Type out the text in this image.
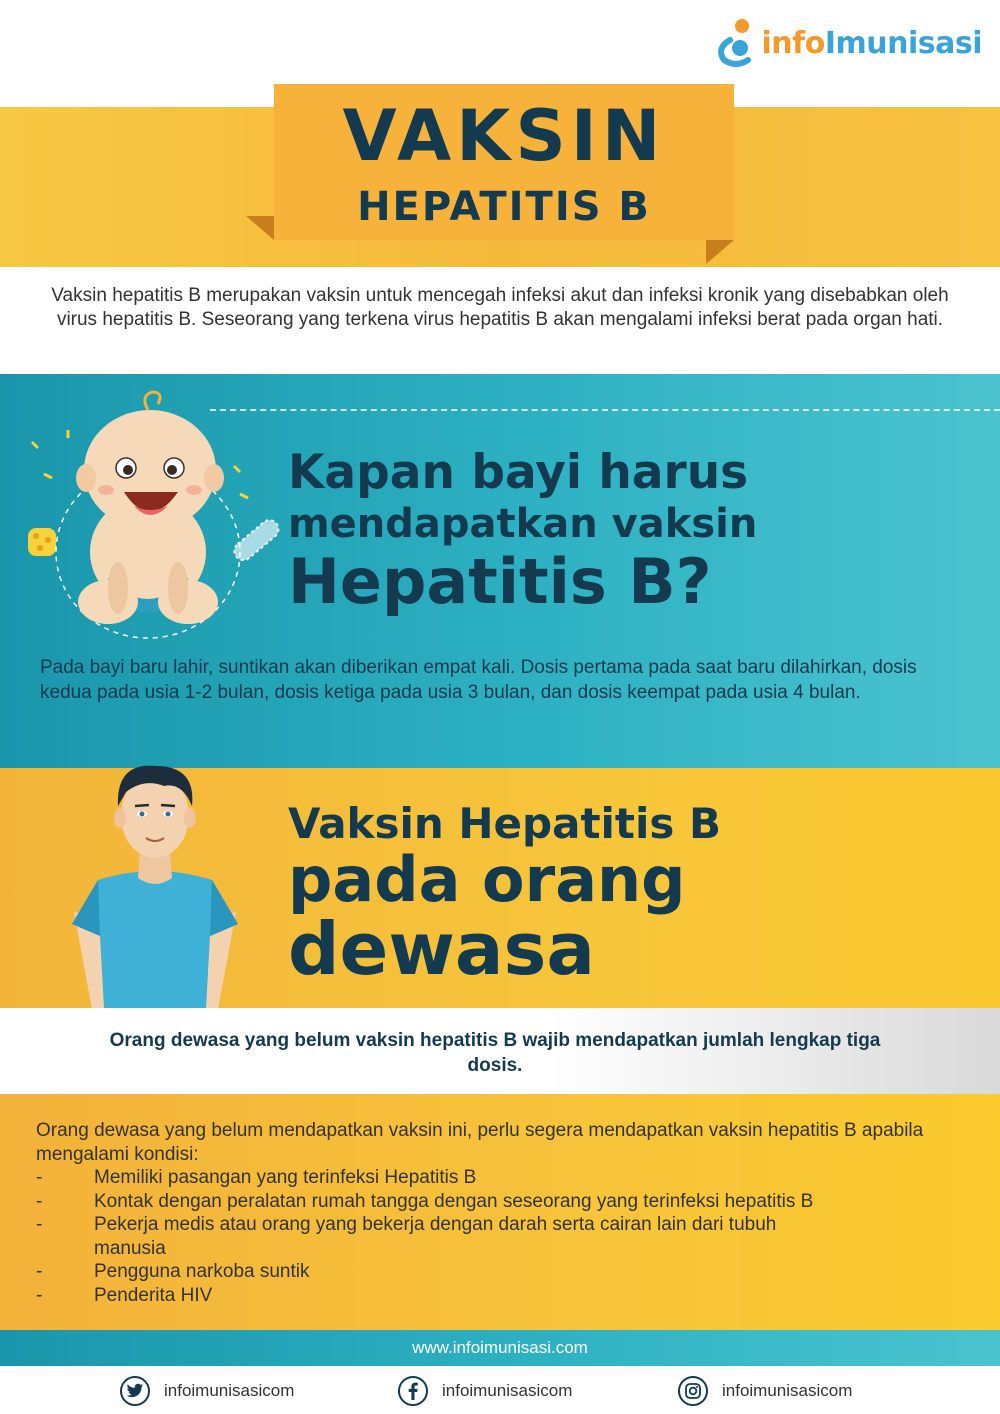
infoImunisasi
VAKSIN
HEPATITIS B

Vaksin hepatitis B merupakan vaksin untuk mencegah infeksi akut dan infeksi kronik yang disebabkan oleh virus hepatitis B. Seseorang yang terkena virus hepatitis B akan mengalami infeksi berat pada organ hati.

Kapan bayi harus
mendapatkan vaksin
Hepatitis B?

Pada bayi baru lahir, suntikan akan diberikan empat kali. Dosis pertama pada saat baru dilahirkan, dosis kedua pada usia 1-2 bulan, dosis ketiga pada usia 3 bulan, dan dosis keempat pada usia 4 bulan.

Vaksin Hepatitis B
pada orang
dewasa

Orang dewasa yang belum vaksin hepatitis B wajib mendapatkan jumlah lengkap tiga dosis.

Orang dewasa yang belum mendapatkan vaksin ini, perlu segera mendapatkan vaksin hepatitis B apabila mengalami kondisi:

-	Memiliki pasangan yang terinfeksi Hepatitis B
-	Kontak dengan peralatan rumah tangga dengan seseorang yang terinfeksi hepatitis B
-	Pekerja medis atau orang yang bekerja dengan darah serta cairan lain dari tubuh manusia
-	Pengguna narkoba suntik
-	Penderita HIV
www.infoimunisasi.com
infoimunisasicom	infoimunisasicom	infoimunisasicom
